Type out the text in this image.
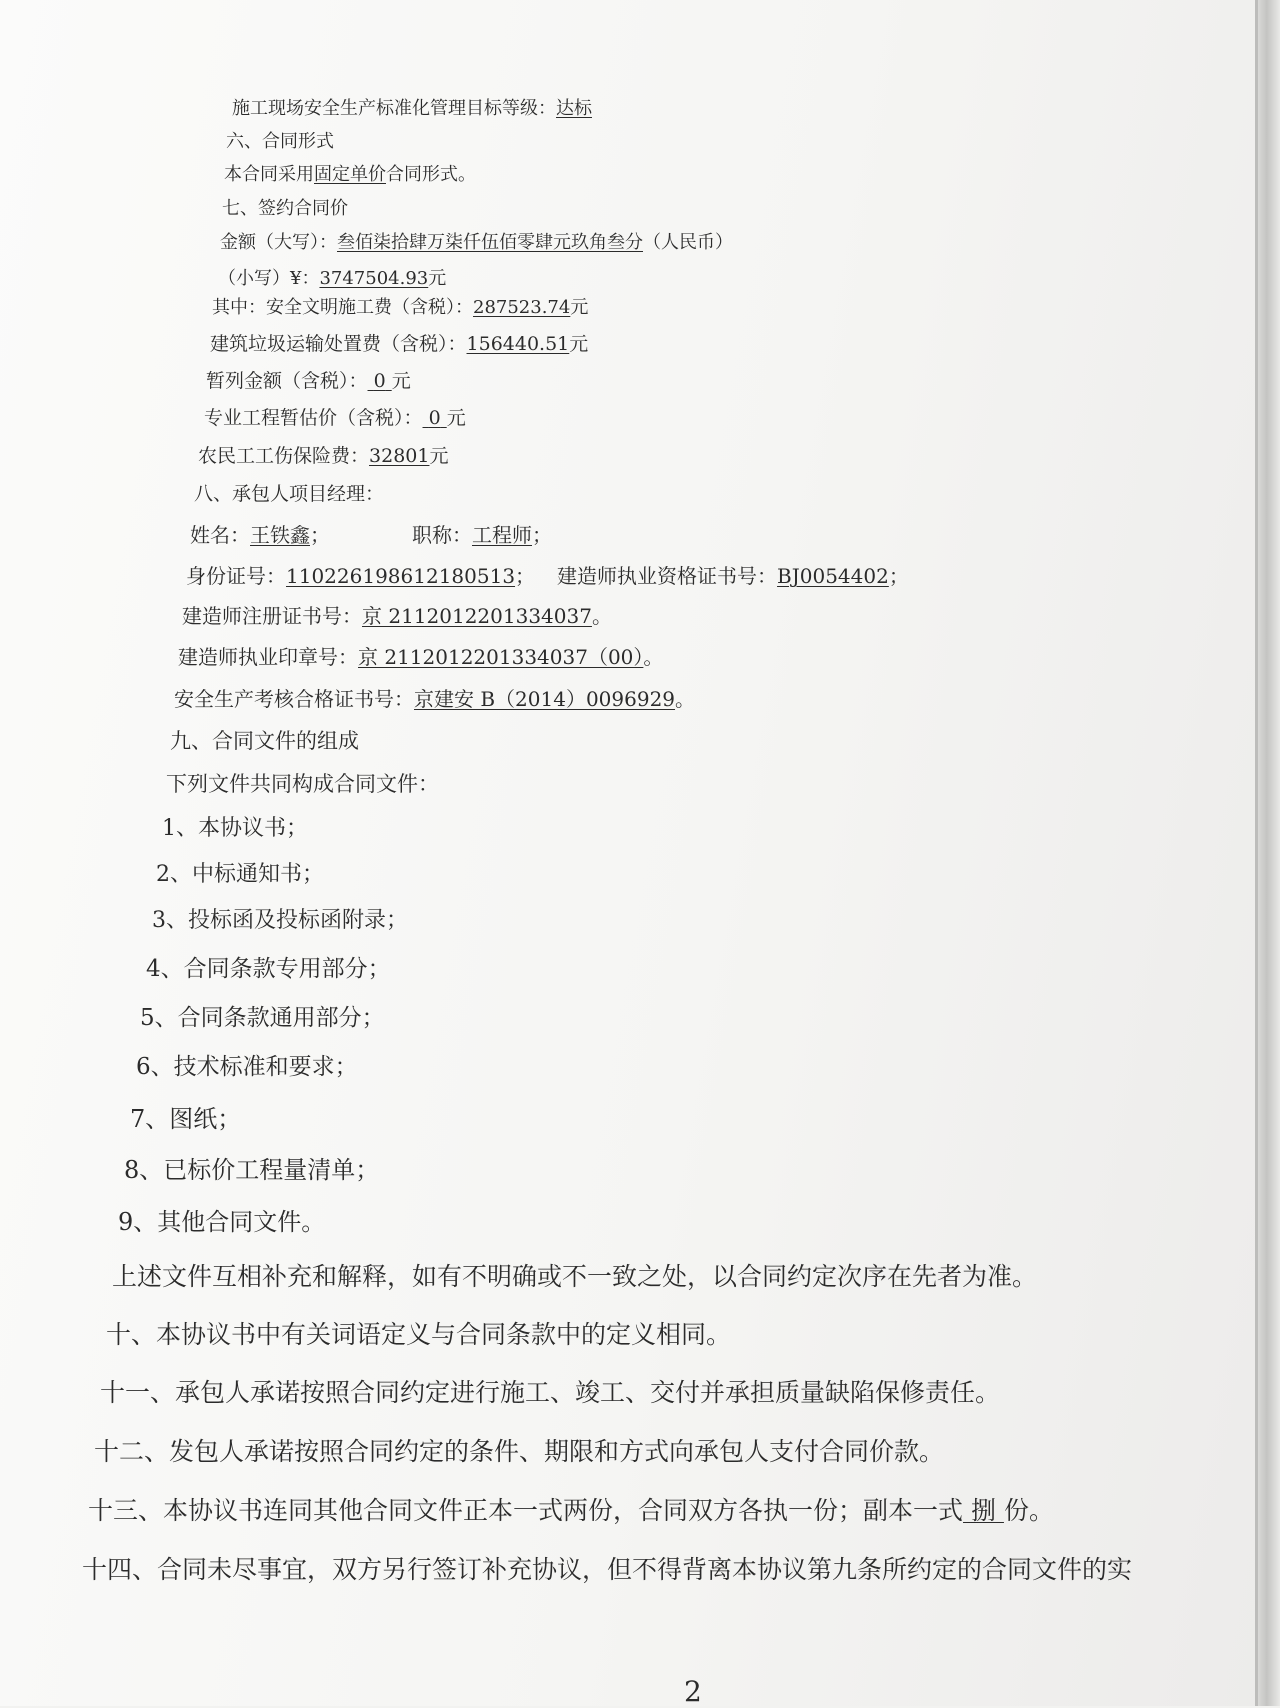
施工现场安全生产标准化管理目标等级：达标
六、合同形式
本合同采用固定单价合同形式。
七、签约合同价
金额（大写）：叁佰柒拾肆万柒仟伍佰零肆元玖角叁分（人民币）
（小写）¥：3747504.93元
其中：安全文明施工费（含税）：287523.74元
建筑垃圾运输处置费（含税）：156440.51元
暂列金额（含税）： 0 元
专业工程暂估价（含税）： 0 元
农民工工伤保险费：32801元
八、承包人项目经理：
姓名：王铁鑫；	职称：工程师；
身份证号：110226198612180513； 建造师执业资格证书号：BJ0054402；
建造师注册证书号：京 2112012201334037。
建造师执业印章号：京 2112012201334037（00）。
安全生产考核合格证书号：京建安 B（2014）0096929。
九、合同文件的组成
下列文件共同构成合同文件：
1、本协议书；
2、中标通知书；
3、投标函及投标函附录；
4、合同条款专用部分；
5、合同条款通用部分；
6、技术标准和要求；
7、图纸；
8、已标价工程量清单；
9、其他合同文件。
上述文件互相补充和解释，如有不明确或不一致之处，以合同约定次序在先者为准。
十、本协议书中有关词语定义与合同条款中的定义相同。
十一、承包人承诺按照合同约定进行施工、竣工、交付并承担质量缺陷保修责任。
十二、发包人承诺按照合同约定的条件、期限和方式向承包人支付合同价款。
十三、本协议书连同其他合同文件正本一式两份，合同双方各执一份；副本一式 捌 份。
十四、合同未尽事宜，双方另行签订补充协议，但不得背离本协议第九条所约定的合同文件的实
2
